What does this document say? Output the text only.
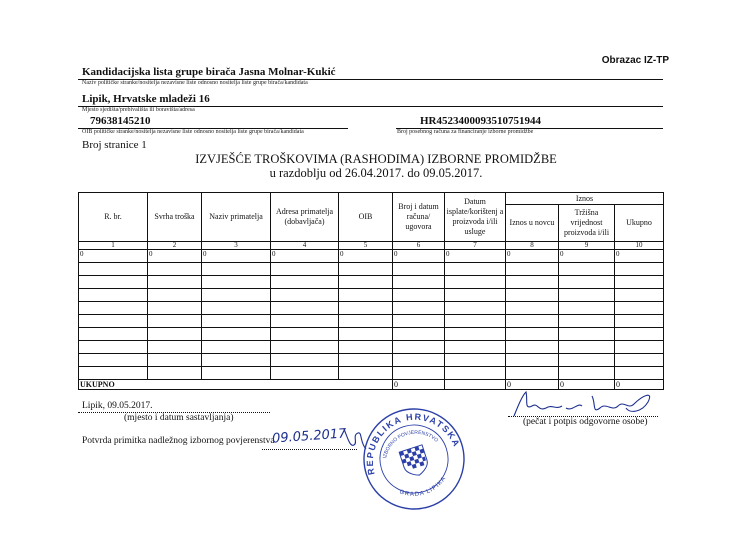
Obrazac IZ-TP
Kandidacijska lista grupe birača Jasna Molnar-Kukić
Naziv političke stranke/nositelja nezavisne liste odnosno nositelja liste grupe birača/kandidata
Lipik, Hrvatske mladeži 16
Mjesto sjedišta/prebivališta ili boravišta/adresa
79638145210
OIB političke stranke/nositelja nezavisne liste odnosno nositelja liste grupe birača/kandidata
HR4523400093510751944
Broj posebnog računa za financiranje izborne promidžbe
Broj stranice 1
IZVJEŠĆE TROŠKOVIMA (RASHODIMA) IZBORNE PROMIDŽBE
u razdoblju od 26.04.2017. do 09.05.2017.
R. br.	Svrha troška	Naziv primatelja	Adresa primatelja (dobavljača)	OIB	Broj i datum računa/ ugovora	Datum isplate/korištenj a proizvoda i/ili usluge	Iznos		
							Iznos u novcu	Tržišna vrijednost proizvoda i/ili	Ukupno
1	2	3	4	5	6	7	8	9	10
0	0	0	0	0	0	0	0	0	0

UKUPNO					0		0	0	0
Lipik, 09.05.2017.
(mjesto i datum sastavljanja)	(pečat i potpis odgovorne osobe)
Potvrda primitka nadležnog izbornog povjerenstva
09.05.2017
REPUBLIKA HRVATSKA
IZBORNO POVJERENSTVO
GRADA LIPIKA
